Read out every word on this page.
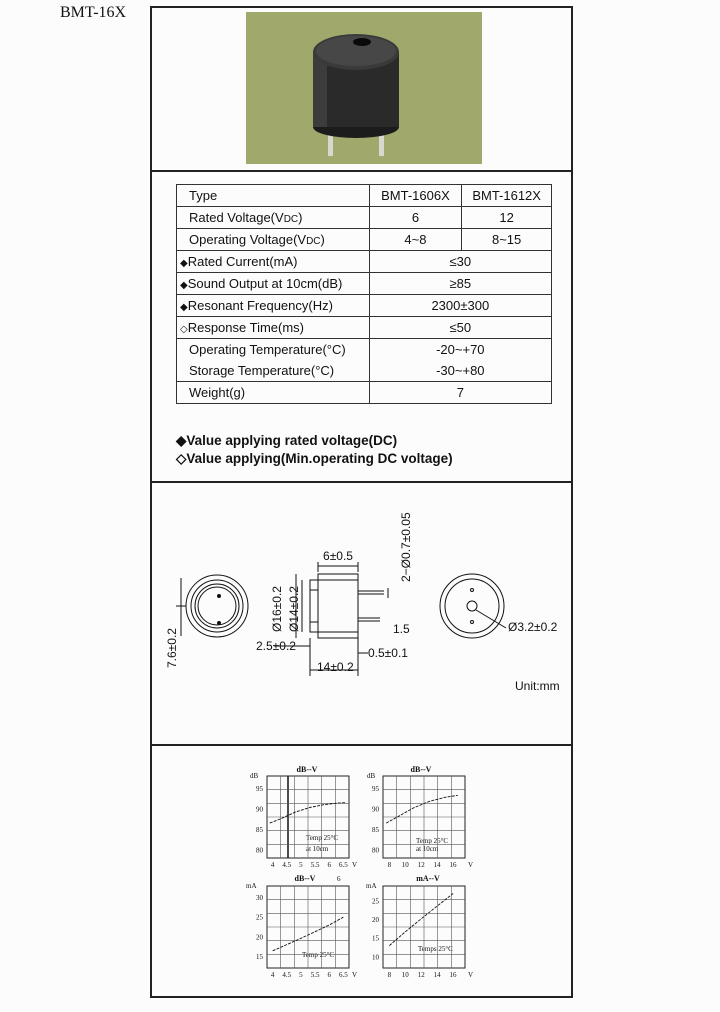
BMT-16X
Type	BMT-1606X	BMT-1612X
Rated Voltage(VDC)	6	12
Operating Voltage(VDC)	4~8	8~15
◆Rated Current(mA)	≤30	
◆Sound Output at 10cm(dB)	≥85	
◆Resonant Frequency(Hz)	2300±300	
◇Response Time(ms)	≤50	
Operating Temperature(°C)	-20~+70	
Storage Temperature(°C)	-30~+80	
Weight(g)	7	
◆Value applying rated voltage(DC)
◇Value applying(Min.operating DC voltage)
6±0.5	2−Ø0.7±0.05
Ø16±0.2 Ø14±0.2
7.6±0.2	2.5±0.2
1.5
0.5±0.1
14±0.2
Ø3.2±0.2
Unit:mm
dB
dB--V
Temp 25°C
at 10cm
dB
dB--V
Temp 25°C
at 10cm
mA
dB--V	6
Temp 25°C
mA
mA--V
Temps 25°C
80
85
90
95
4 4.5 5 5.5 6 6.5 V
80
85
90
95
8 10 12 14 16 V
15
20
25
30
4 4.5 5 5.5 6 6.5 V
10
15
20
25
8 10 12 14 16 V
